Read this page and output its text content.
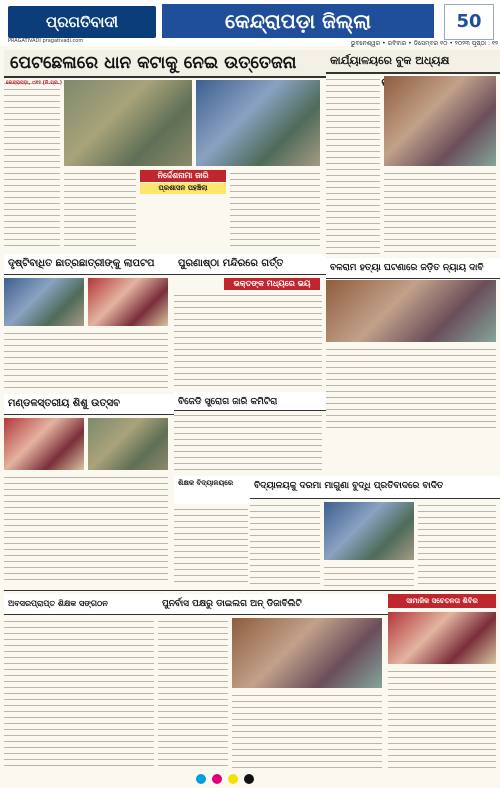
ପ୍ରଗତିବାଦୀ
PRAGATIVADI pragativadi.com
କେନ୍ଦ୍ରାପଡ଼ା ଜିଲ୍ଲା	50
ଭୁବନେଶ୍ୱର • ରବିବାର • ଡିସେମ୍ବର ୧୦ • ୨୦୨୩ ପୃଷ୍ଠା : ୧୨
ପେଟଛେଳାରେ ଧାନ କଟାକୁ ନେଇ ଉତ୍ତେଜନା
କେନ୍ଦ୍ରାପଡ଼ା, ୯ା୧୨ (ନି.ପ୍ର.)
ନିର୍ଦ୍ଦେଶନାମା ଜାରି
ପ୍ରଶାସନ ପହଞ୍ଚିଲା
କାର୍ଯ୍ୟାଳୟରେ ବୁକ ଅଧ୍ୟକ୍ଷ
ଦୃଷ୍ଟିବାଧିତ ଛାତ୍ରଛାତ୍ରୀଙ୍କୁ ଲାପଟପ	ପୁରଣାଷ୍ଠା ମନ୍ଦିରରେ ଗର୍ତ୍ତ
ଭକ୍ତଙ୍କ ମଧ୍ୟରେ ଭୟ
ବଳରାମ ହତ୍ୟା ଘଟଣାରେ ଜଡ଼ିତ ନ୍ୟାୟ ଦାବି
ବିଜେଡି ସ୍ତ୍ରୋଗ ଜାରି କମିଟିରା
ମଣ୍ଡଳସ୍ତରୀୟ ଶିଶୁ ଉତ୍ସବ
ଶିକ୍ଷକ ବିଦ୍ୟାଳୟରେ	ବିଦ୍ୟାଳୟକୁ ଦରମା ମାଗୁଣା ବୁଦ୍ଧି ପ୍ରତିବାଦରେ ବାଦିତ
ଅବସରପ୍ରାପ୍ତ ଶିକ୍ଷକ ସଙ୍ଗଠନ	ପୁନର୍ବାସ ପକ୍ଷରୁ ଡାଇଲଗ ଅନ୍ ଡିଜାବିଲିଟି	ସାମାଜିକ ସଚେତନତା ଶିବିର
